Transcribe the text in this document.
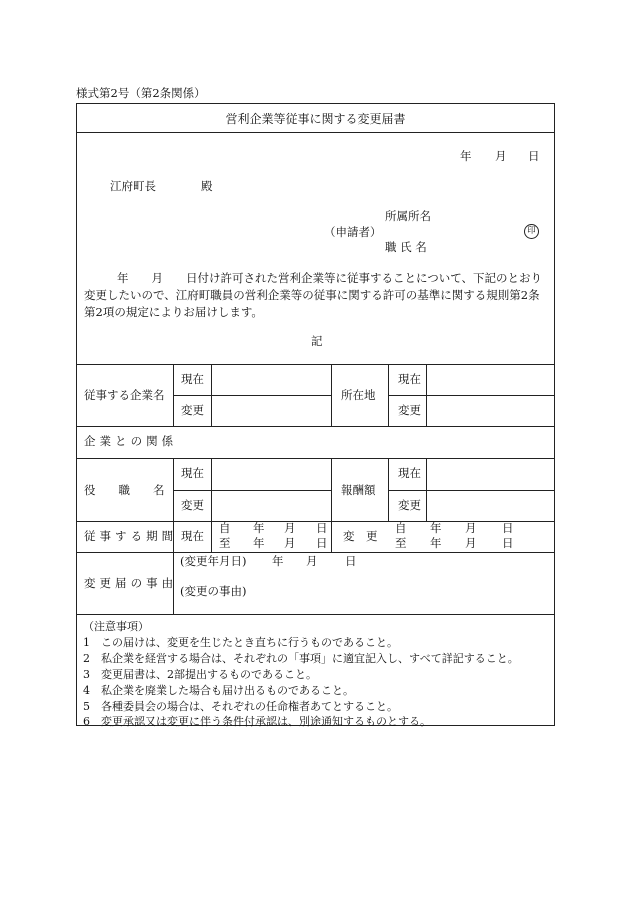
様式第2号（第2条関係）
営利企業等従事に関する変更届書
年 月 日
江府町長	殿
所属所名
（申請者）
職 氏 名
印
年　　月　　日付け許可された営利企業等に従事することについて、下記のとおり
変更したいので、江府町職員の営利企業等の従事に関する許可の基準に関する規則第2条
第2項の規定によりお届けします。
記
従事する企業名
現在
変更
所在地
現在
変更
企業との関係
役　　職　　名
現在
変更
報酬額
現在
変更
従事する期間 現在
自 年 月 日
至 年 月 日 変　更
自 年 月 日
至 年 月 日
変更届の事由
(変更年月日) 年 月 日
(変更の事由)
（注意事項）
1　この届けは、変更を生じたとき直ちに行うものであること。
2　私企業を経営する場合は、それぞれの「事項」に適宜記入し、すべて詳記すること。
3　変更届書は、2部提出するものであること。
4　私企業を廃業した場合も届け出るものであること。
5　各種委員会の場合は、それぞれの任命権者あてとすること。
6　変更承認又は変更に伴う条件付承認は、別途通知するものとする。
